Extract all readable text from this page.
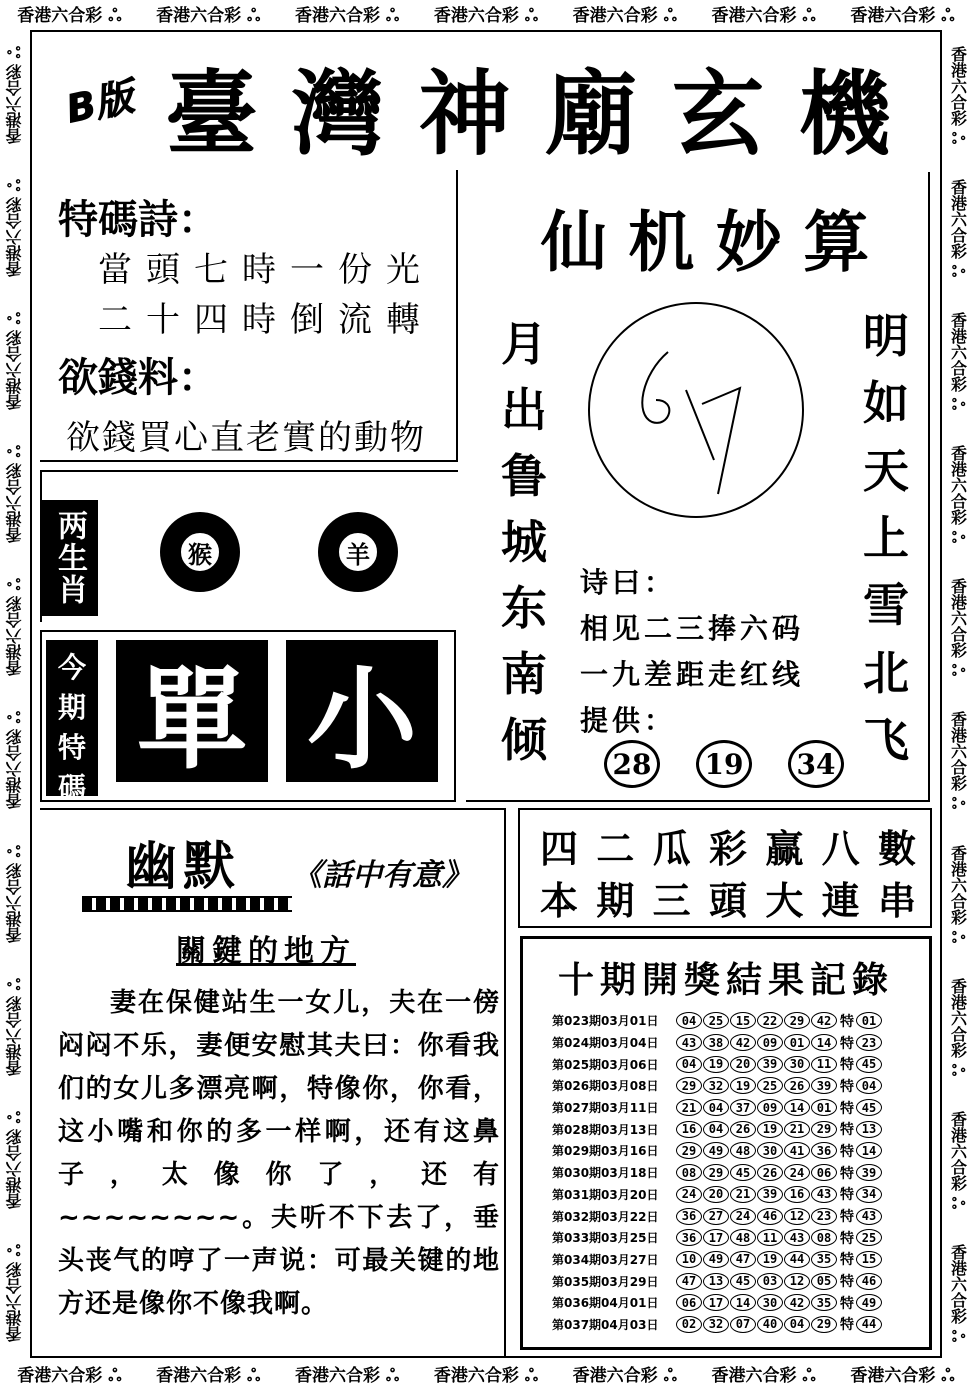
香港六合彩 ஃ 香港六合彩 ஃ 香港六合彩 ஃ 香港六合彩 ஃ 香港六合彩 ஃ 香港六合彩 ஃ 香港六合彩 ஃ
香港六合彩 ஃ 香港六合彩 ஃ 香港六合彩 ஃ 香港六合彩 ஃ 香港六合彩 ஃ 香港六合彩 ஃ 香港六合彩 ஃ
香港六合彩 ஃ
香港六合彩 ஃ
香港六合彩 ஃ
香港六合彩 ஃ
香港六合彩 ஃ
香港六合彩 ஃ
香港六合彩 ஃ
香港六合彩 ஃ
香港六合彩 ஃ
香港六合彩 ஃ
香港六合彩 ஃ
香港六合彩 ஃ
香港六合彩 ஃ
香港六合彩 ஃ
香港六合彩 ஃ
香港六合彩 ஃ
香港六合彩 ஃ
香港六合彩 ஃ
香港六合彩 ஃ
香港六合彩 ஃ
B版 臺 灣 神 廟 玄 機
特碼詩：
當頭七時一份光
二十四時倒流轉
欲錢料：
欲錢買心直老實的動物
两生肖	猴	羊
今
期
特
碼
單 小
仙 机 妙 算
月
出
鲁
城
东
南
倾
明
如
天
上
雪
北
飞
诗曰：
相见二三捧六码
一九差距走红线
提供：
28	19	34
幽默	《話中有意》
關鍵的地方
妻在保健站生一女儿，夫在一傍闷闷不乐，妻便安慰其夫曰：你看我们的女儿多漂亮啊，特像你，你看，这小嘴和你的多一样啊，还有这鼻子，太像你了，还有~~~~~~~~。夫听不下去了，垂头丧气的哼了一声说：可最关键的地方还是像你不像我啊。
四 二 瓜 彩 赢 八 數
本 期 三 頭 大 連 串
十期開獎結果記錄
第023期03月01日	04	25	15	22	29	42 特 01
第024期03月04日	43	38	42	09	01	14 特 23
第025期03月06日	04	19	20	39	30	11 特 45
第026期03月08日	29	32	19	25	26	39 特 04
第027期03月11日	21	04	37	09	14	01 特 45
第028期03月13日	16	04	26	19	21	29 特 13
第029期03月16日	29	49	48	30	41	36 特 14
第030期03月18日	08	29	45	26	24	06 特 39
第031期03月20日	24	20	21	39	16	43 特 34
第032期03月22日	36	27	24	46	12	23 特 43
第033期03月25日	36	17	48	11	43	08 特 25
第034期03月27日	10	49	47	19	44	35 特 15
第035期03月29日	47	13	45	03	12	05 特 46
第036期04月01日	06	17	14	30	42	35 特 49
第037期04月03日	02	32	07	40	04	29 特 44
